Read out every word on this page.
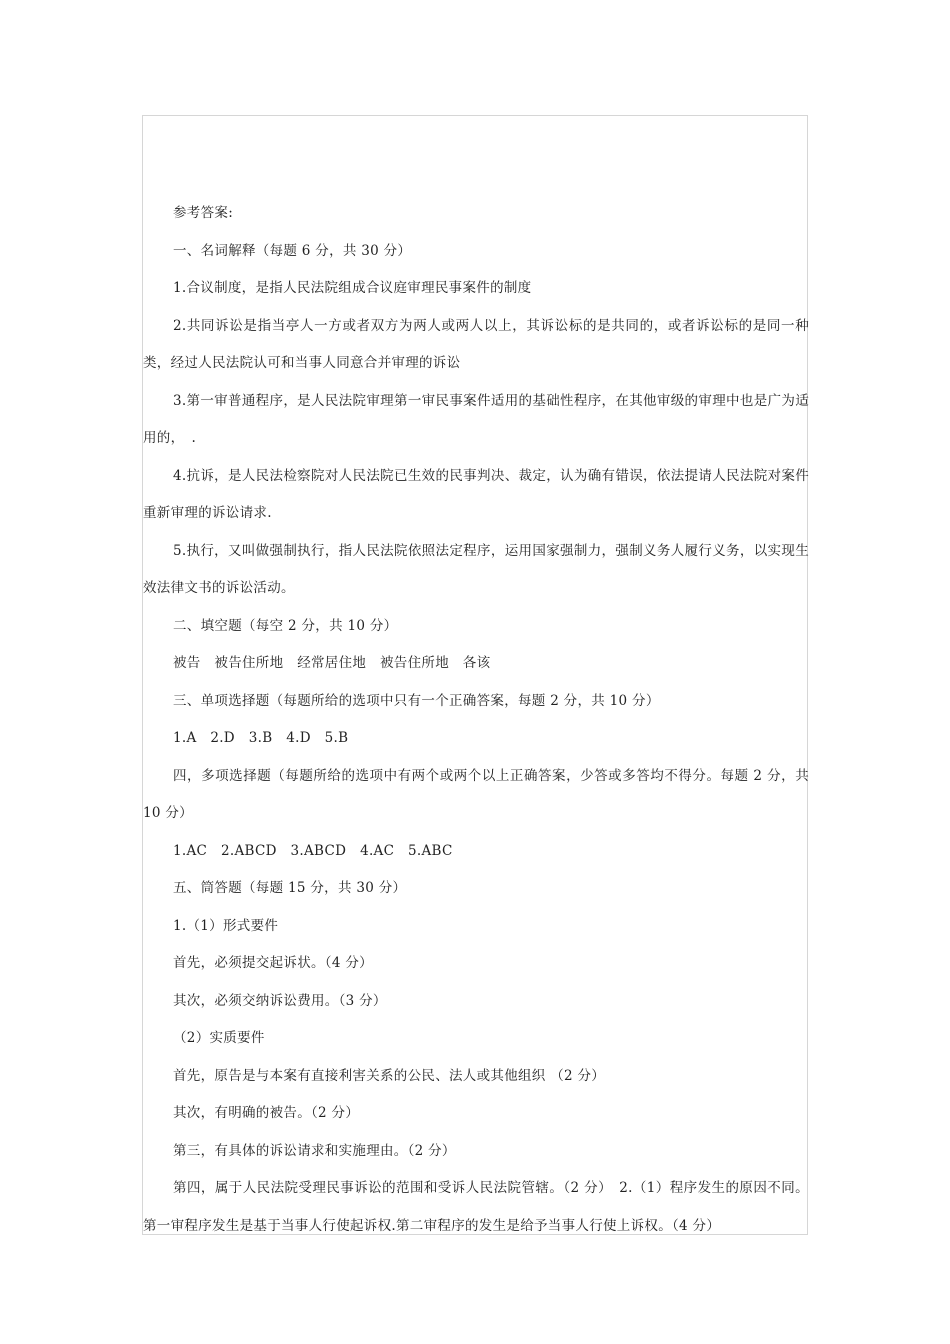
参考答案:

一、名词解释（每题 6 分，共 30 分）

1.合议制度，是指人民法院组成合议庭审理民事案件的制度

2.共同诉讼是指当亭人一方或者双方为两人或两人以上，其诉讼标的是共同的，或者诉讼标的是同一种类，经过人民法院认可和当事人同意合并审理的诉讼

3.第一审普通程序，是人民法院审理第一审民事案件适用的基础性程序，在其他审级的审理中也是广为适用的，　.

4.抗诉，是人民法检察院对人民法院已生效的民事判决、裁定，认为确有错误，依法提请人民法院对案件重新审理的诉讼请求.

5.执行，又叫做强制执行，指人民法院依照法定程序，运用国家强制力，强制义务人履行义务，以实现生效法律文书的诉讼活动。

二、填空题（每空 2 分，共 10 分）

被告　被告住所地　经常居住地　被告住所地　各该

三、单项选择题（每题所给的选项中只有一个正确答案，每题 2 分，共 10 分）

1.A　2.D　3.B　4.D　5.B

四，多项选择题（每题所给的选项中有两个或两个以上正确答案，少答或多答均不得分。每题 2 分，共 10 分）

1.AC　2.ABCD　3.ABCD　4.AC　5.ABC

五、筒答题（每题 15 分，共 30 分）

1.（1）形式要件

首先，必须提交起诉状。（4 分）

其次，必须交纳诉讼费用。（3 分）

（2）实质要件

首先，原告是与本案有直接利害关系的公民、法人或其他组织 （2 分）

其次，有明确的被告。（2 分）

第三，有具体的诉讼请求和实施理由。（2 分）

第四，属于人民法院受理民事诉讼的范围和受诉人民法院管辖。（2 分）　2.（1）程序发生的原因不同。第一审程序发生是基于当事人行使起诉权.第二审程序的发生是给予当事人行使上诉权。（4 分）
